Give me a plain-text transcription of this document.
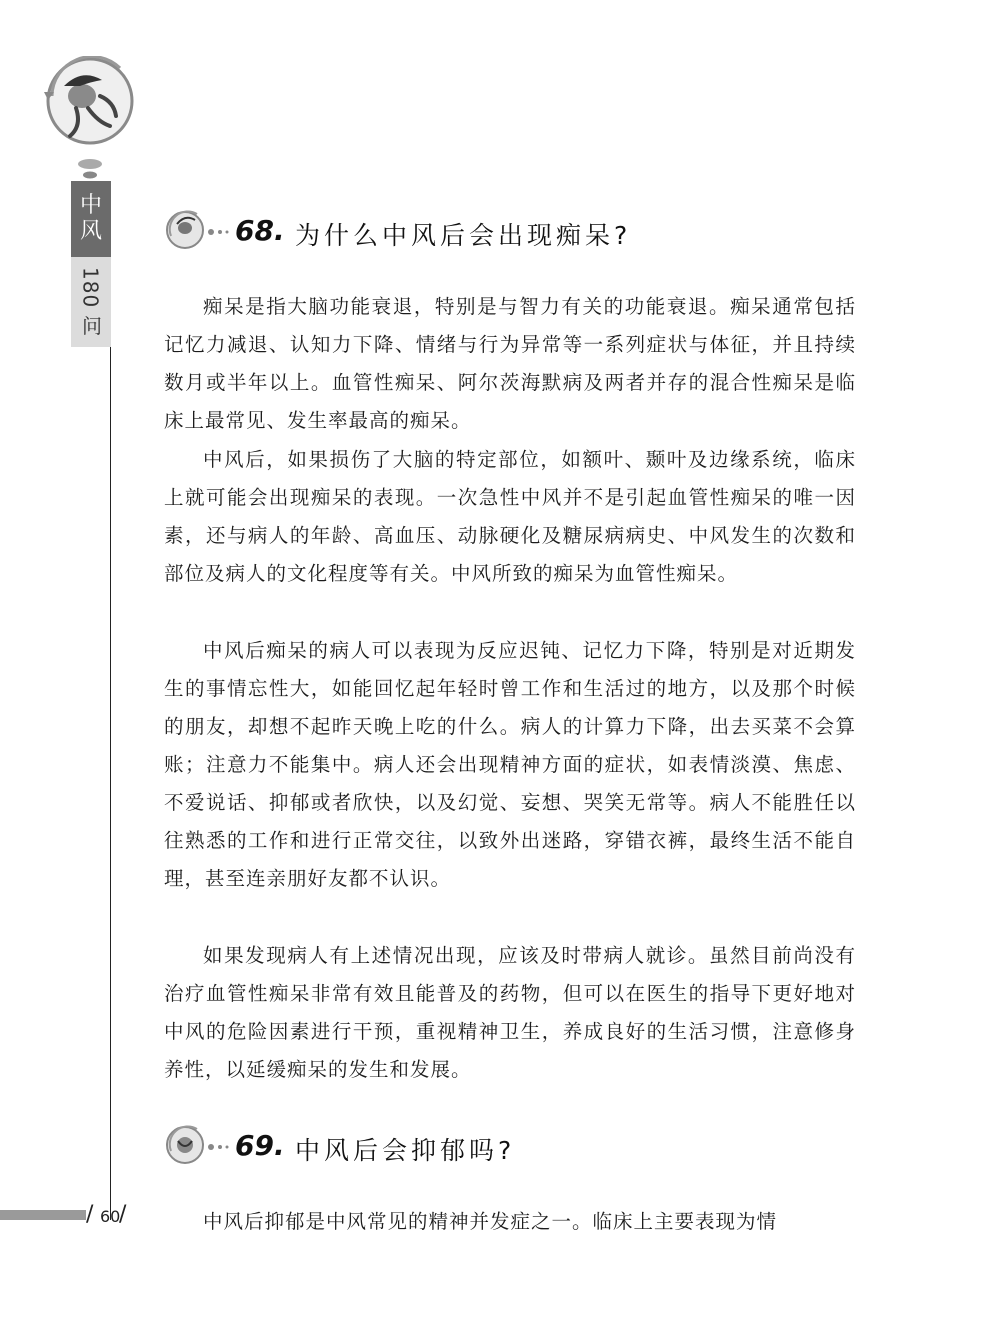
中
风
180 问
/ 60
/
68. 为什么中风后会出现痴呆?

痴呆是指大脑功能衰退，特别是与智力有关的功能衰退。痴呆通常包括记忆力减退、认知力下降、情绪与行为异常等一系列症状与体征，并且持续数月或半年以上。血管性痴呆、阿尔茨海默病及两者并存的混合性痴呆是临床上最常见、发生率最高的痴呆。

中风后，如果损伤了大脑的特定部位，如额叶、颞叶及边缘系统，临床上就可能会出现痴呆的表现。一次急性中风并不是引起血管性痴呆的唯一因素，还与病人的年龄、高血压、动脉硬化及糖尿病病史、中风发生的次数和部位及病人的文化程度等有关。中风所致的痴呆为血管性痴呆。

中风后痴呆的病人可以表现为反应迟钝、记忆力下降，特别是对近期发生的事情忘性大，如能回忆起年轻时曾工作和生活过的地方，以及那个时候的朋友，却想不起昨天晚上吃的什么。病人的计算力下降，出去买菜不会算账；注意力不能集中。病人还会出现精神方面的症状，如表情淡漠、焦虑、不爱说话、抑郁或者欣快，以及幻觉、妄想、哭笑无常等。病人不能胜任以往熟悉的工作和进行正常交往，以致外出迷路，穿错衣裤，最终生活不能自理，甚至连亲朋好友都不认识。

如果发现病人有上述情况出现，应该及时带病人就诊。虽然目前尚没有治疗血管性痴呆非常有效且能普及的药物，但可以在医生的指导下更好地对中风的危险因素进行干预，重视精神卫生，养成良好的生活习惯，注意修身养性，以延缓痴呆的发生和发展。

69. 中风后会抑郁吗?

中风后抑郁是中风常见的精神并发症之一。临床上主要表现为情
